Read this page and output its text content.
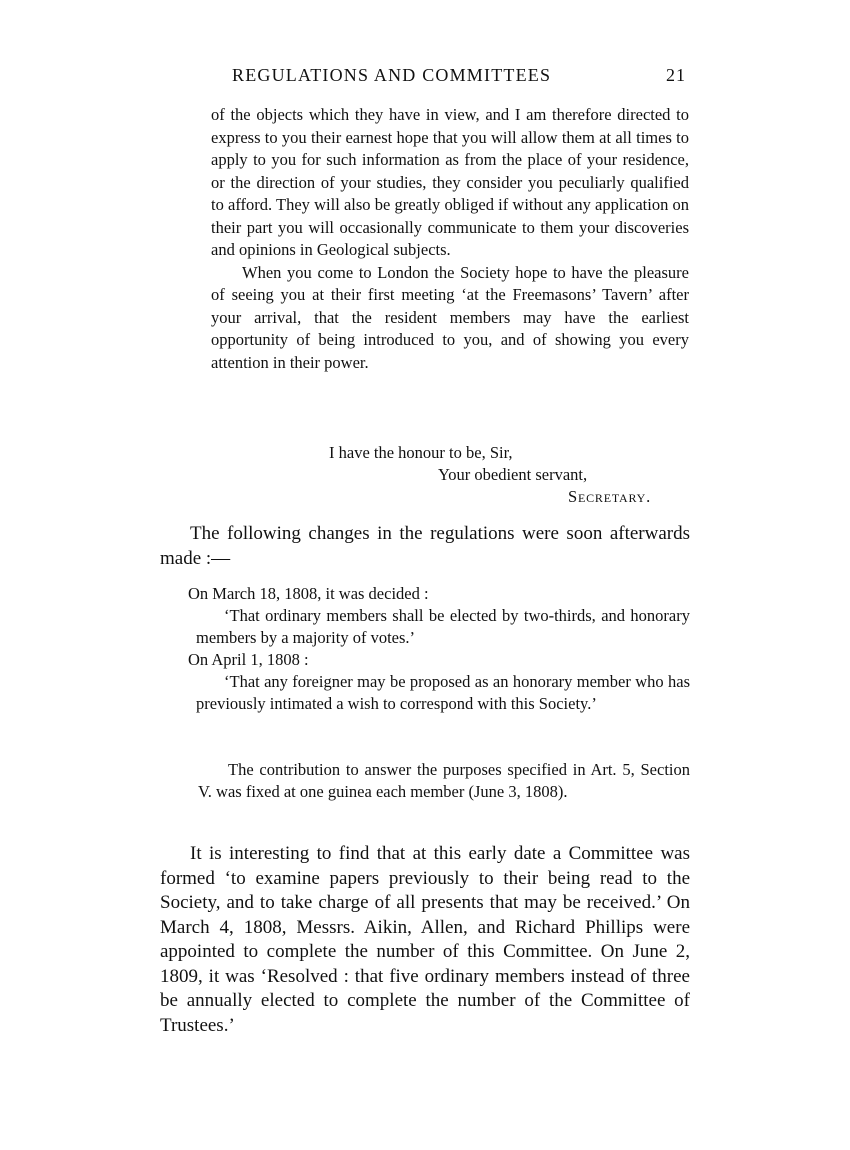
REGULATIONS AND COMMITTEES	21

of the objects which they have in view, and I am therefore directed to express to you their earnest hope that you will allow them at all times to apply to you for such information as from the place of your residence, or the direction of your studies, they consider you peculiarly qualified to afford. They will also be greatly obliged if without any application on their part you will occasionally communicate to them your discoveries and opinions in Geological subjects.

When you come to London the Society hope to have the pleasure of seeing you at their first meeting ‘at the Freemasons’ Tavern’ after your arrival, that the resident members may have the earliest opportunity of being introduced to you, and of showing you every attention in their power.

I have the honour to be, Sir,
Your obedient servant,
Secretary.

The following changes in the regulations were soon afterwards made :—

On March 18, 1808, it was decided :

‘That ordinary members shall be elected by two-thirds, and honorary members by a majority of votes.’

On April 1, 1808 :

‘That any foreigner may be proposed as an honorary member who has previously intimated a wish to correspond with this Society.’

The contribution to answer the purposes specified in Art. 5, Section V. was fixed at one guinea each member (June 3, 1808).

It is interesting to find that at this early date a Committee was formed ‘to examine papers previously to their being read to the Society, and to take charge of all presents that may be received.’ On March 4, 1808, Messrs. Aikin, Allen, and Richard Phillips were appointed to complete the number of this Committee. On June 2, 1809, it was ‘Resolved : that five ordinary members instead of three be annually elected to complete the number of the Committee of Trustees.’
